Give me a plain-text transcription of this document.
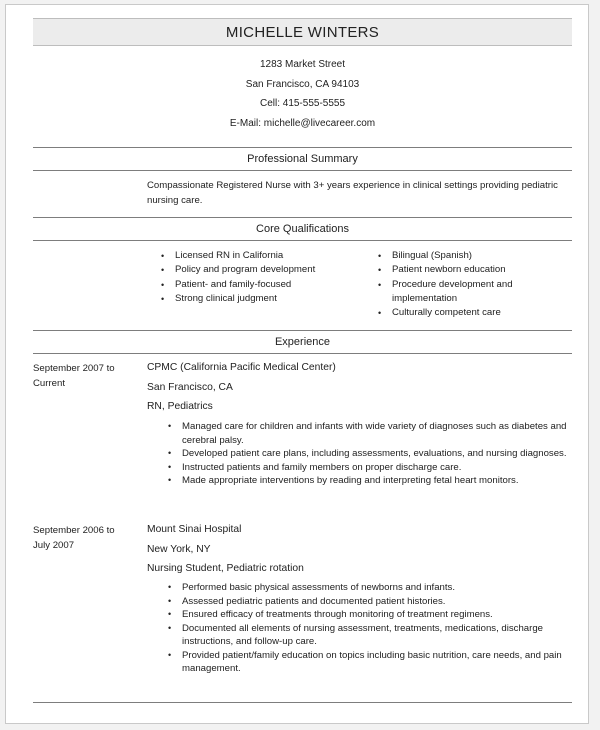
MICHELLE WINTERS
1283 Market Street
San Francisco, CA 94103
Cell: 415-555-5555
E-Mail: michelle@livecareer.com
Professional Summary
Compassionate Registered Nurse with 3+ years experience in clinical settings providing pediatric nursing care.
Core Qualifications
• Licensed RN in California
• Policy and program development
• Patient- and family-focused
• Strong clinical judgment
• Bilingual (Spanish)
• Patient newborn education
• Procedure development and implementation
• Culturally competent care
Experience
September 2007 to Current
CPMC (California Pacific Medical Center)
San Francisco, CA
RN, Pediatrics
• Managed care for children and infants with wide variety of diagnoses such as diabetes and cerebral palsy.
• Developed patient care plans, including assessments, evaluations, and nursing diagnoses.
• Instructed patients and family members on proper discharge care.
• Made appropriate interventions by reading and interpreting fetal heart monitors.
September 2006 to July 2007
Mount Sinai Hospital
New York, NY
Nursing Student, Pediatric rotation
• Performed basic physical assessments of newborns and infants.
• Assessed pediatric patients and documented patient histories.
• Ensured efficacy of treatments through monitoring of treatment regimens.
• Documented all elements of nursing assessment, treatments, medications, discharge instructions, and follow-up care.
• Provided patient/family education on topics including basic nutrition, care needs, and pain management.
